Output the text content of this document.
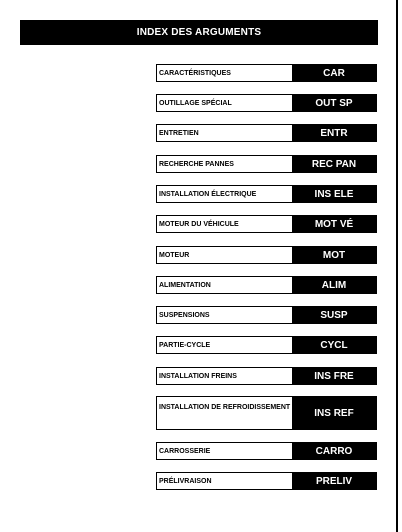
INDEX DES ARGUMENTS
CARACTÉRISTIQUES	CAR
OUTILLAGE SPÉCIAL	OUT SP
ENTRETIEN	ENTR
RECHERCHE PANNES	REC PAN
INSTALLATION ÉLECTRIQUE	INS ELE
MOTEUR DU VÉHICULE	MOT VÉ
MOTEUR	MOT
ALIMENTATION	ALIM
SUSPENSIONS	SUSP
PARTIE-CYCLE	CYCL
INSTALLATION FREINS	INS FRE
INSTALLATION DE REFROIDISSEMENT	INS REF
CARROSSERIE	CARRO
PRÉLIVRAISON	PRELIV
